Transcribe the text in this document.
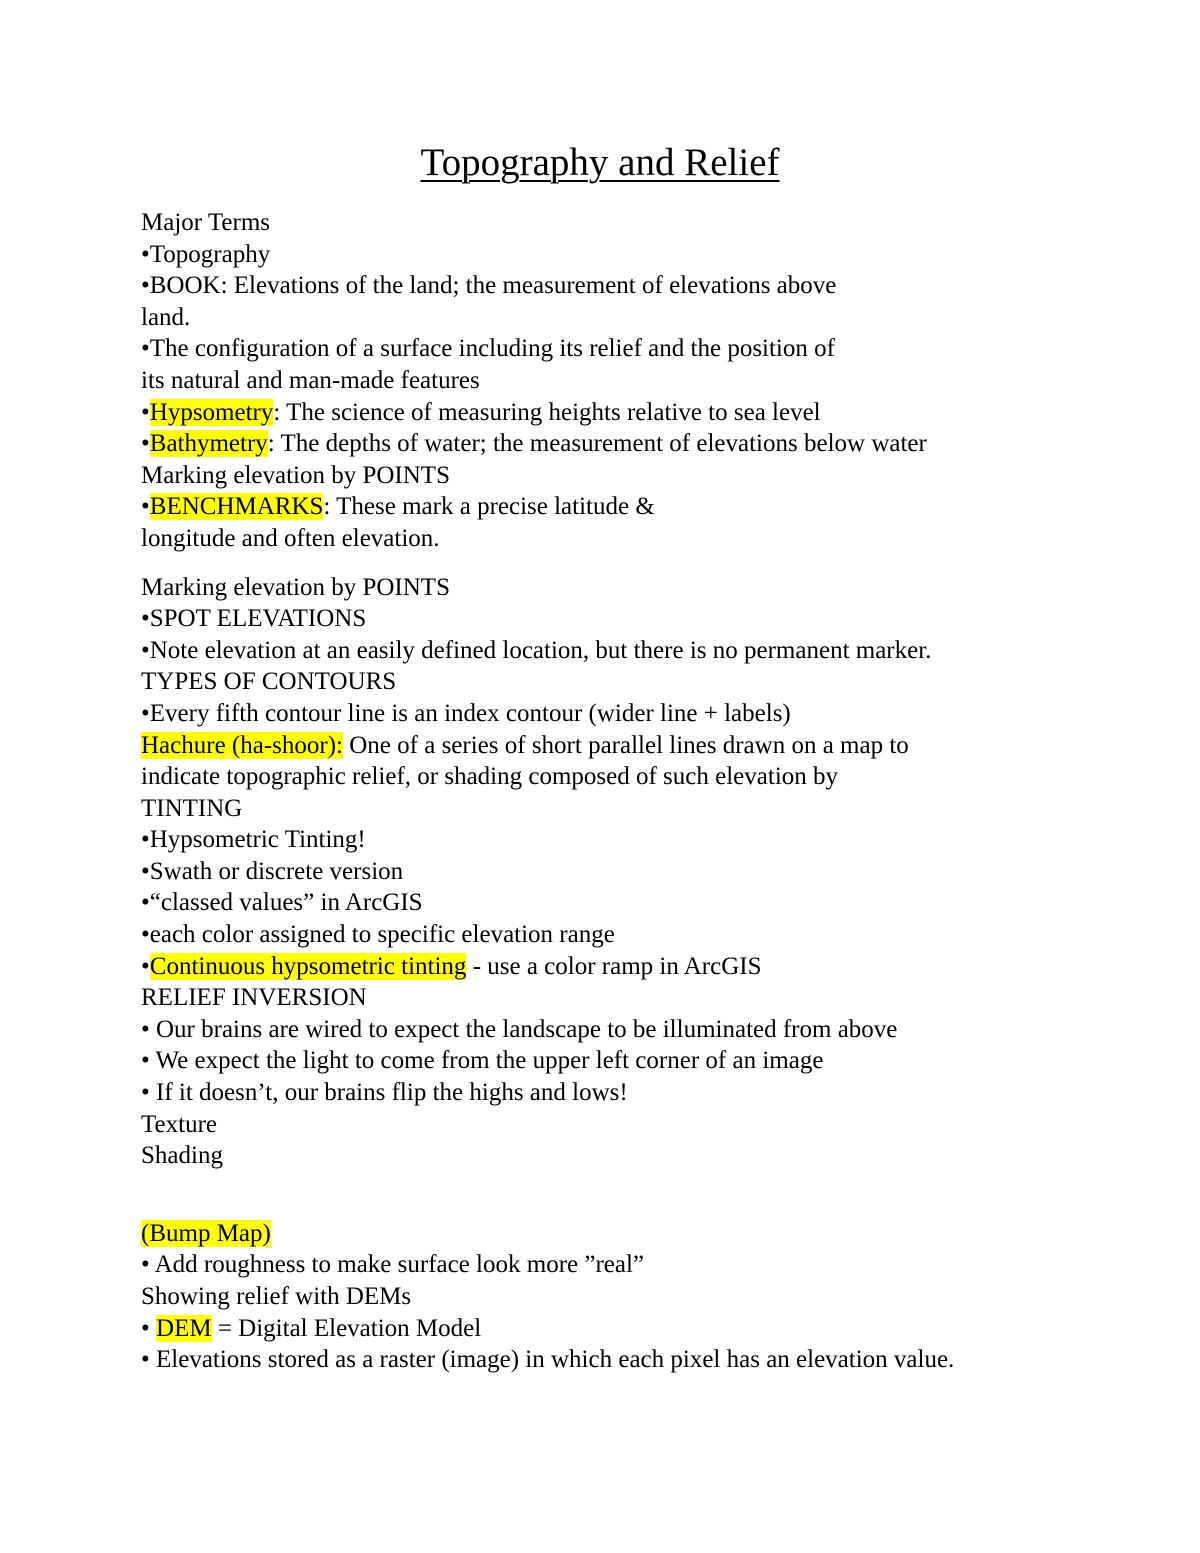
Topography and Relief
Major Terms
•Topography
•BOOK: Elevations of the land; the measurement of elevations above
land.
•The configuration of a surface including its relief and the position of
its natural and man-made features
•Hypsometry: The science of measuring heights relative to sea level
•Bathymetry: The depths of water; the measurement of elevations below water
Marking elevation by POINTS
•BENCHMARKS: These mark a precise latitude &
longitude and often elevation.
Marking elevation by POINTS
•SPOT ELEVATIONS
•Note elevation at an easily defined location, but there is no permanent marker.
TYPES OF CONTOURS
•Every fifth contour line is an index contour (wider line + labels)
Hachure (ha-shoor): One of a series of short parallel lines drawn on a map to
indicate topographic relief, or shading composed of such elevation by
TINTING
•Hypsometric Tinting!
•Swath or discrete version
•“classed values” in ArcGIS
•each color assigned to specific elevation range
•Continuous hypsometric tinting - use a color ramp in ArcGIS
RELIEF INVERSION
• Our brains are wired to expect the landscape to be illuminated from above
• We expect the light to come from the upper left corner of an image
• If it doesn’t, our brains flip the highs and lows!
Texture
Shading
(Bump Map)
• Add roughness to make surface look more ”real”
Showing relief with DEMs
• DEM = Digital Elevation Model
• Elevations stored as a raster (image) in which each pixel has an elevation value.
